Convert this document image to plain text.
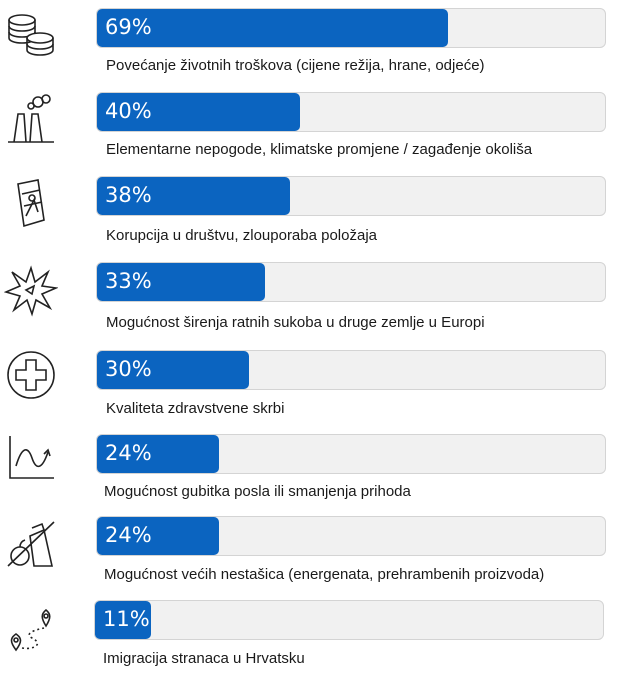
69%
Povećanje životnih troškova (cijene režija, hrane, odjeće)
40%
Elementarne nepogode, klimatske promjene / zagađenje okoliša
38%
Korupcija u društvu, zlouporaba položaja
33%
Mogućnost širenja ratnih sukoba u druge zemlje u Europi
30%
Kvaliteta zdravstvene skrbi
24%
Mogućnost gubitka posla ili smanjenja prihoda
24%
Mogućnost većih nestašica (energenata, prehrambenih proizvoda)
11%
Imigracija stranaca u Hrvatsku
